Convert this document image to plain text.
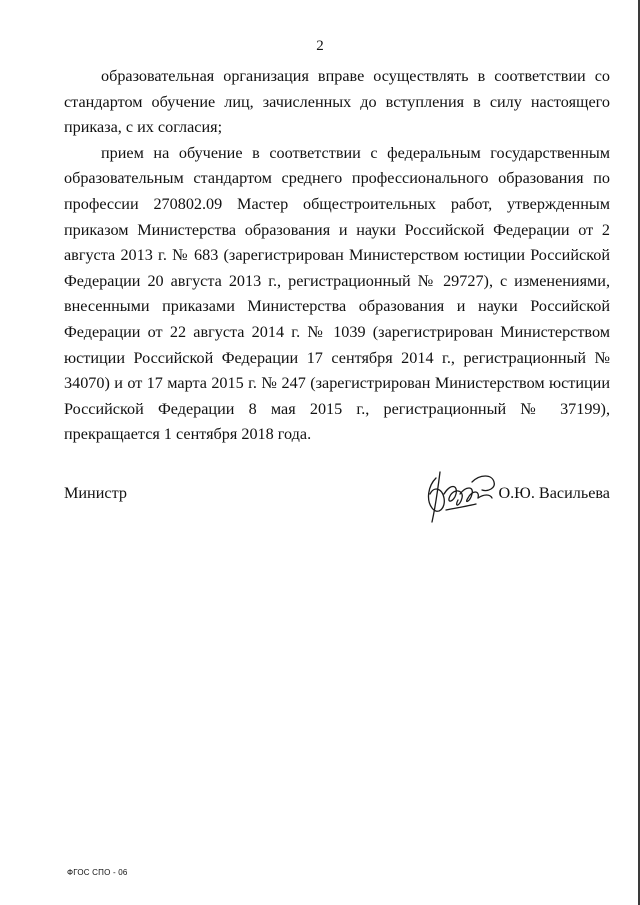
2

образовательная организация вправе осуществлять в соответствии со стандартом обучение лиц, зачисленных до вступления в силу настоящего приказа, с их согласия;

прием на обучение в соответствии с федеральным государственным образовательным стандартом среднего профессионального образования по профессии 270802.09 Мастер общестроительных работ, утвержденным приказом Министерства образования и науки Российской Федерации от 2 августа 2013 г. № 683 (зарегистрирован Министерством юстиции Российской Федерации 20 августа 2013 г., регистрационный № 29727), с изменениями, внесенными приказами Министерства образования и науки Российской Федерации от 22 августа 2014 г. № 1039 (зарегистрирован Министерством юстиции Российской Федерации 17 сентября 2014 г., регистрационный № 34070) и от 17 марта 2015 г. № 247 (зарегистрирован Министерством юстиции Российской Федерации 8 мая 2015 г., регистрационный № 37199), прекращается 1 сентября 2018 года.

Министр	О.Ю. Васильева
ФГОС СПО - 06
